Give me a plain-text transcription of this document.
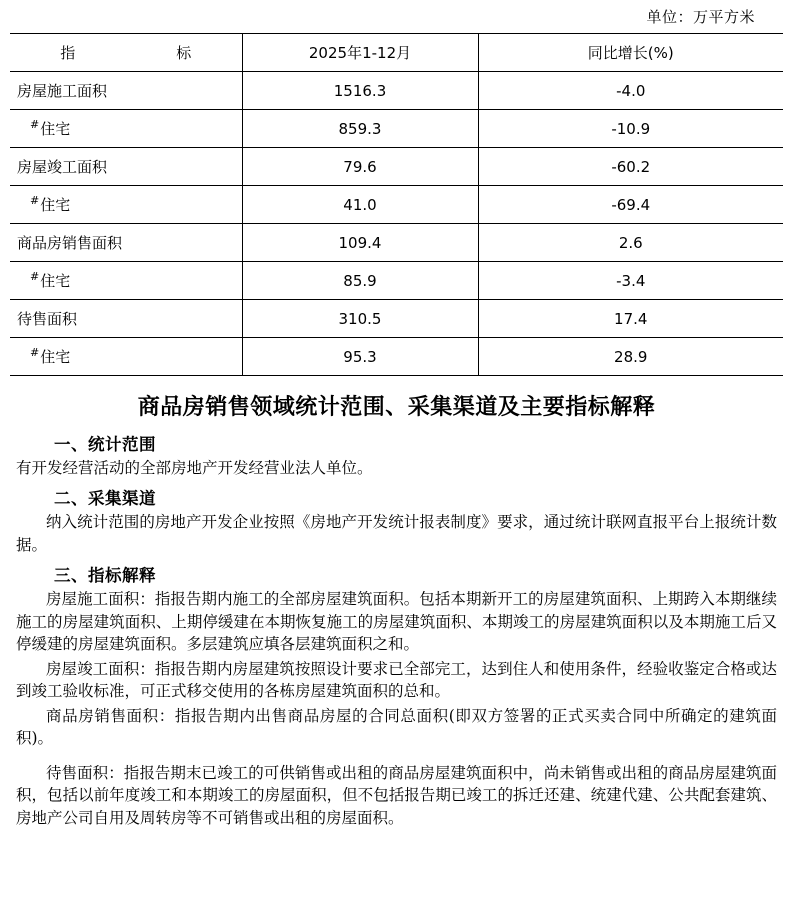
单位：万平方米
指　　　标	2025年1-12月	同比增长(%)
房屋施工面积	1516.3	-4.0
#住宅	859.3	-10.9
房屋竣工面积	79.6	-60.2
#住宅	41.0	-69.4
商品房销售面积	109.4	2.6
#住宅	85.9	-3.4
待售面积	310.5	17.4
#住宅	95.3	28.9
商品房销售领域统计范围、采集渠道及主要指标解释
一、统计范围

有开发经营活动的全部房地产开发经营业法人单位。

二、采集渠道

纳入统计范围的房地产开发企业按照《房地产开发统计报表制度》要求，通过统计联网直报平台上报统计数据。

三、指标解释

房屋施工面积：指报告期内施工的全部房屋建筑面积。包括本期新开工的房屋建筑面积、上期跨入本期继续施工的房屋建筑面积、上期停缓建在本期恢复施工的房屋建筑面积、本期竣工的房屋建筑面积以及本期施工后又停缓建的房屋建筑面积。多层建筑应填各层建筑面积之和。

房屋竣工面积：指报告期内房屋建筑按照设计要求已全部完工，达到住人和使用条件，经验收鉴定合格或达到竣工验收标准，可正式移交使用的各栋房屋建筑面积的总和。

商品房销售面积：指报告期内出售商品房屋的合同总面积(即双方签署的正式买卖合同中所确定的建筑面积)。

待售面积：指报告期末已竣工的可供销售或出租的商品房屋建筑面积中，尚未销售或出租的商品房屋建筑面积，包括以前年度竣工和本期竣工的房屋面积，但不包括报告期已竣工的拆迁还建、统建代建、公共配套建筑、房地产公司自用及周转房等不可销售或出租的房屋面积。
